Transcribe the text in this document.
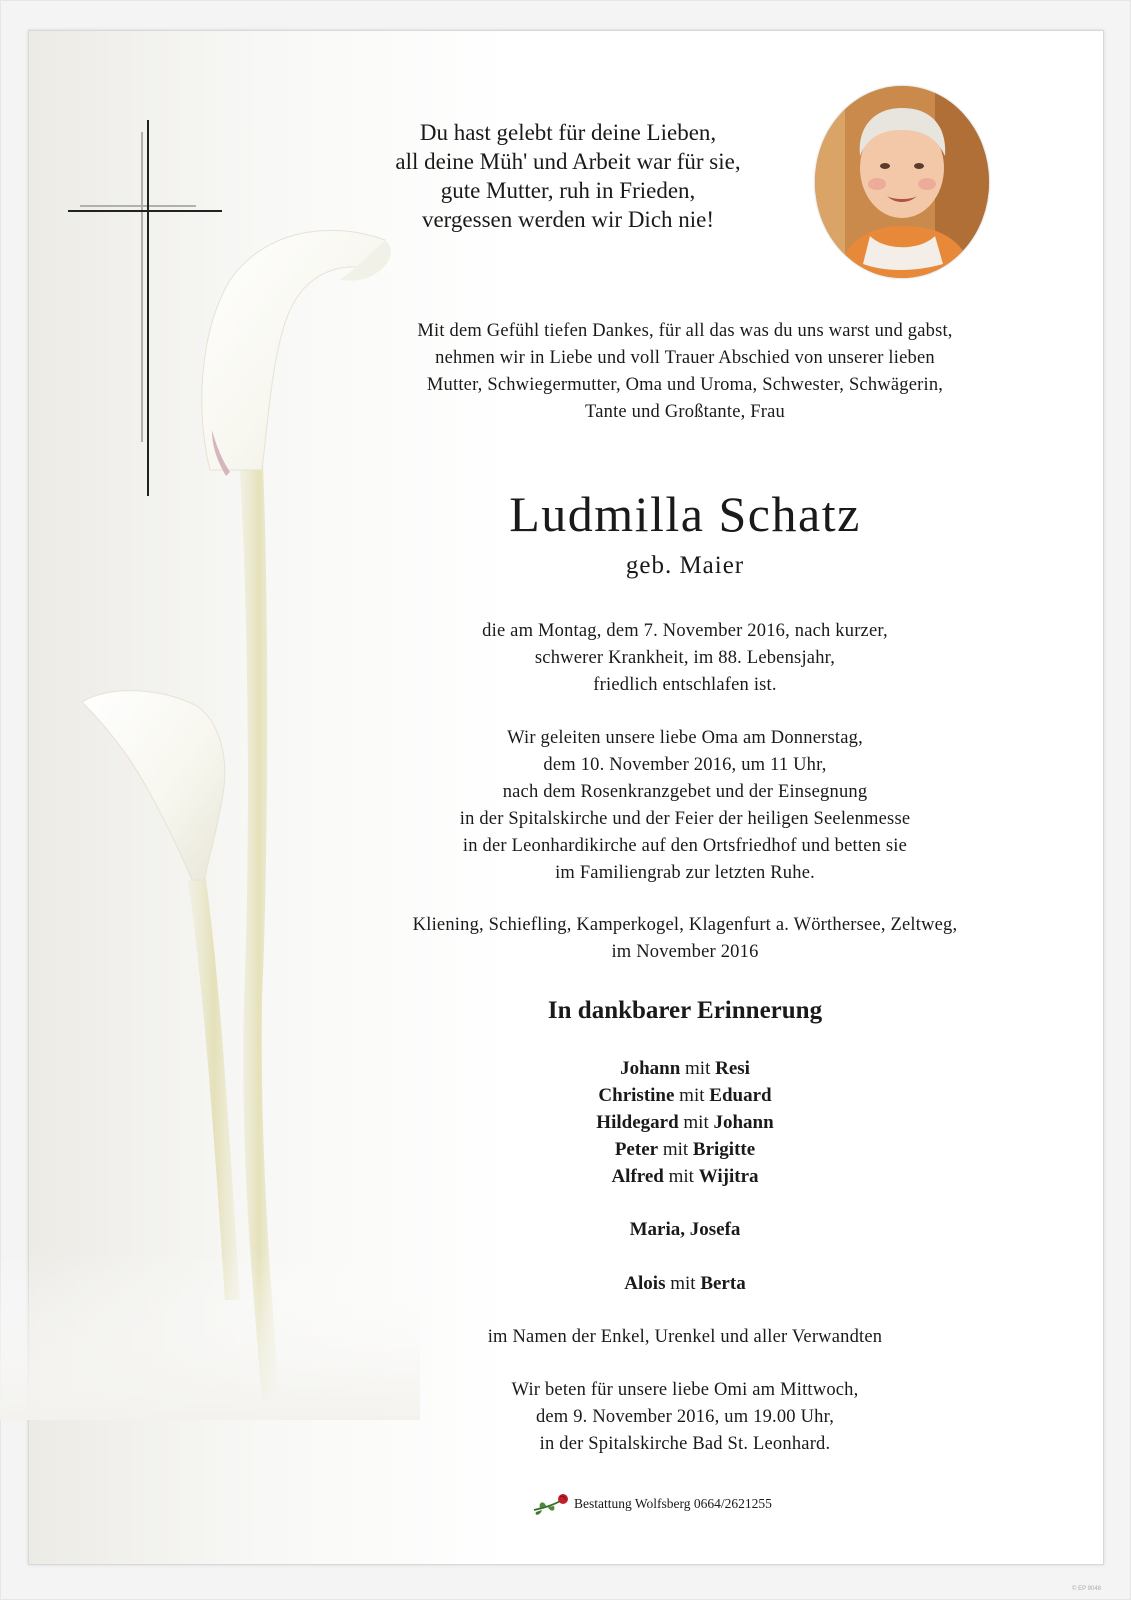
Du hast gelebt für deine Lieben,
all deine Müh' und Arbeit war für sie,
gute Mutter, ruh in Frieden,
vergessen werden wir Dich nie!
Mit dem Gefühl tiefen Dankes, für all das was du uns warst und gabst,
nehmen wir in Liebe und voll Trauer Abschied von unserer lieben
Mutter, Schwiegermutter, Oma und Uroma, Schwester, Schwägerin,
Tante und Großtante, Frau
Ludmilla Schatz
geb. Maier
die am Montag, dem 7. November 2016, nach kurzer,
schwerer Krankheit, im 88. Lebensjahr,
friedlich entschlafen ist.
Wir geleiten unsere liebe Oma am Donnerstag,
dem 10. November 2016, um 11 Uhr,
nach dem Rosenkranzgebet und der Einsegnung
in der Spitalskirche und der Feier der heiligen Seelenmesse
in der Leonhardikirche auf den Ortsfriedhof und betten sie
im Familiengrab zur letzten Ruhe.
Kliening, Schiefling, Kamperkogel, Klagenfurt a. Wörthersee, Zeltweg,
im November 2016
In dankbarer Erinnerung
Johann mit Resi
Christine mit Eduard
Hildegard mit Johann
Peter mit Brigitte
Alfred mit Wijitra
Maria, Josefa
Alois mit Berta
im Namen der Enkel, Urenkel und aller Verwandten
Wir beten für unsere liebe Omi am Mittwoch,
dem 9. November 2016, um 19.00 Uhr,
in der Spitalskirche Bad St. Leonhard.
Bestattung Wolfsberg 0664/2621255
© EP 9048
